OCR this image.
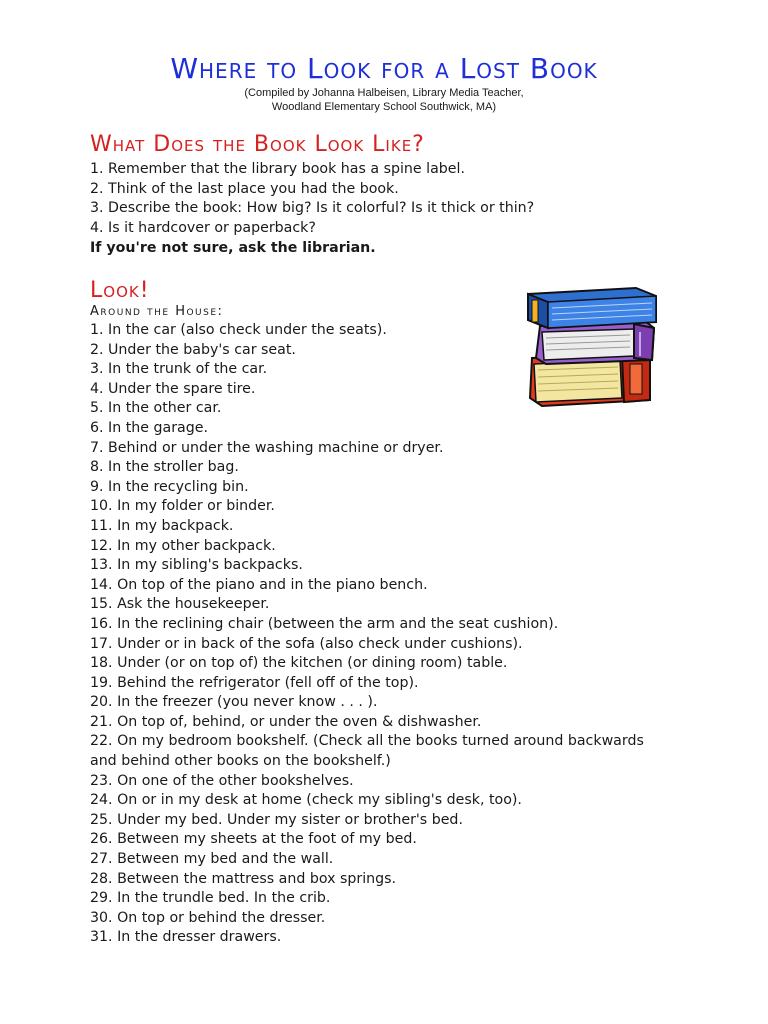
Where to Look for a Lost Book
(Compiled by Johanna Halbeisen, Library Media Teacher,
Woodland Elementary School Southwick, MA)
What Does the Book Look Like?
1. Remember that the library book has a spine label.
2. Think of the last place you had the book.
3. Describe the book: How big? Is it colorful? Is it thick or thin?
4. Is it hardcover or paperback?
If you're not sure, ask the librarian.
Look!
Around the House:
1. In the car (also check under the seats).
2. Under the baby's car seat.
3. In the trunk of the car.
4. Under the spare tire.
5. In the other car.
6. In the garage.
7. Behind or under the washing machine or dryer.
8. In the stroller bag.
9. In the recycling bin.
10. In my folder or binder.
11. In my backpack.
12. In my other backpack.
13. In my sibling's backpacks.
14. On top of the piano and in the piano bench.
15. Ask the housekeeper.
16. In the reclining chair (between the arm and the seat cushion).
17. Under or in back of the sofa (also check under cushions).
18. Under (or on top of) the kitchen (or dining room) table.
19. Behind the refrigerator (fell off of the top).
20. In the freezer (you never know . . . ).
21. On top of, behind, or under the oven & dishwasher.
22. On my bedroom bookshelf. (Check all the books turned around backwards and behind other books on the bookshelf.)
23. On one of the other bookshelves.
24. On or in my desk at home (check my sibling's desk, too).
25. Under my bed. Under my sister or brother's bed.
26. Between my sheets at the foot of my bed.
27. Between my bed and the wall.
28. Between the mattress and box springs.
29. In the trundle bed. In the crib.
30. On top or behind the dresser.
31. In the dresser drawers.
